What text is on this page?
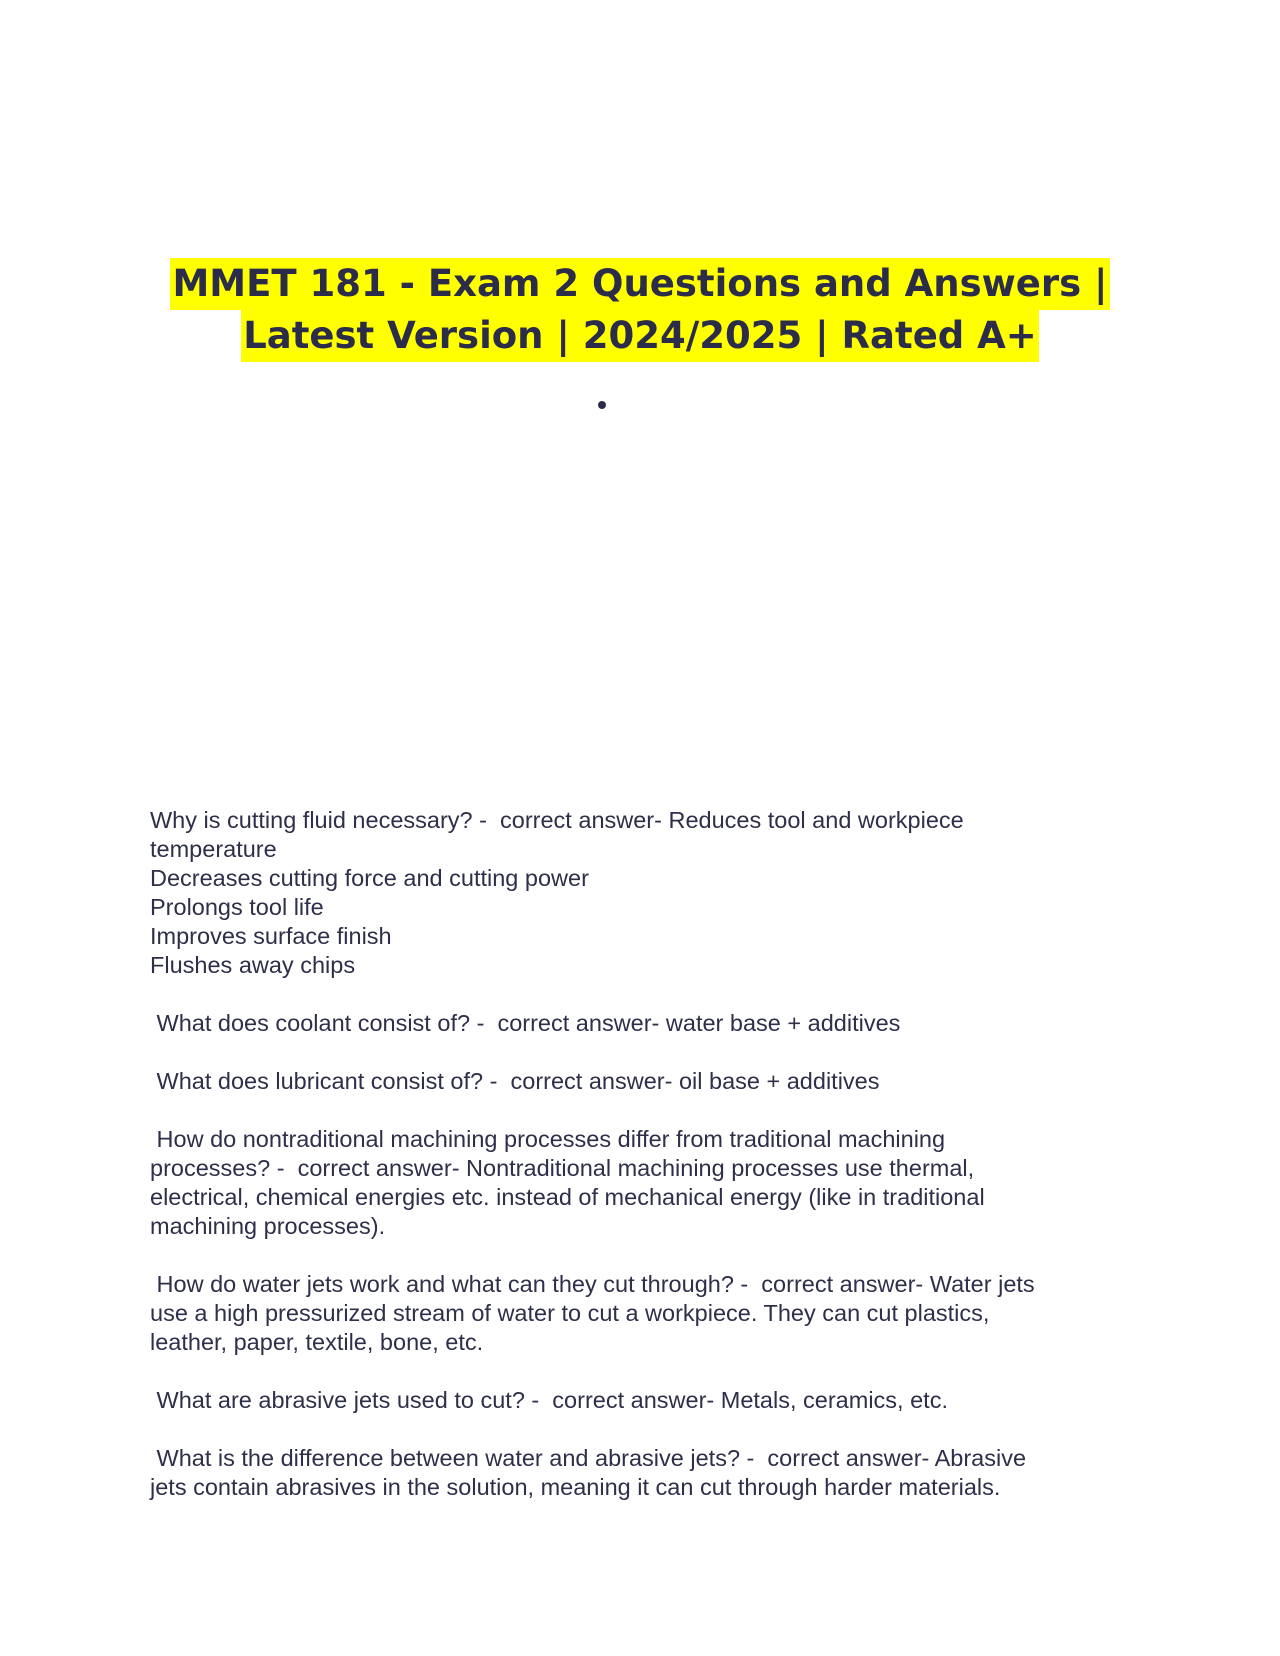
MMET 181 - Exam 2 Questions and Answers |
Latest Version | 2024/2025 | Rated A+
Why is cutting fluid necessary? -  correct answer- Reduces tool and workpiece
temperature
Decreases cutting force and cutting power
Prolongs tool life
Improves surface finish
Flushes away chips
What does coolant consist of? -  correct answer- water base + additives
What does lubricant consist of? -  correct answer- oil base + additives
How do nontraditional machining processes differ from traditional machining
processes? -  correct answer- Nontraditional machining processes use thermal,
electrical, chemical energies etc. instead of mechanical energy (like in traditional
machining processes).
How do water jets work and what can they cut through? -  correct answer- Water jets
use a high pressurized stream of water to cut a workpiece. They can cut plastics,
leather, paper, textile, bone, etc.
What are abrasive jets used to cut? -  correct answer- Metals, ceramics, etc.
What is the difference between water and abrasive jets? -  correct answer- Abrasive
jets contain abrasives in the solution, meaning it can cut through harder materials.
